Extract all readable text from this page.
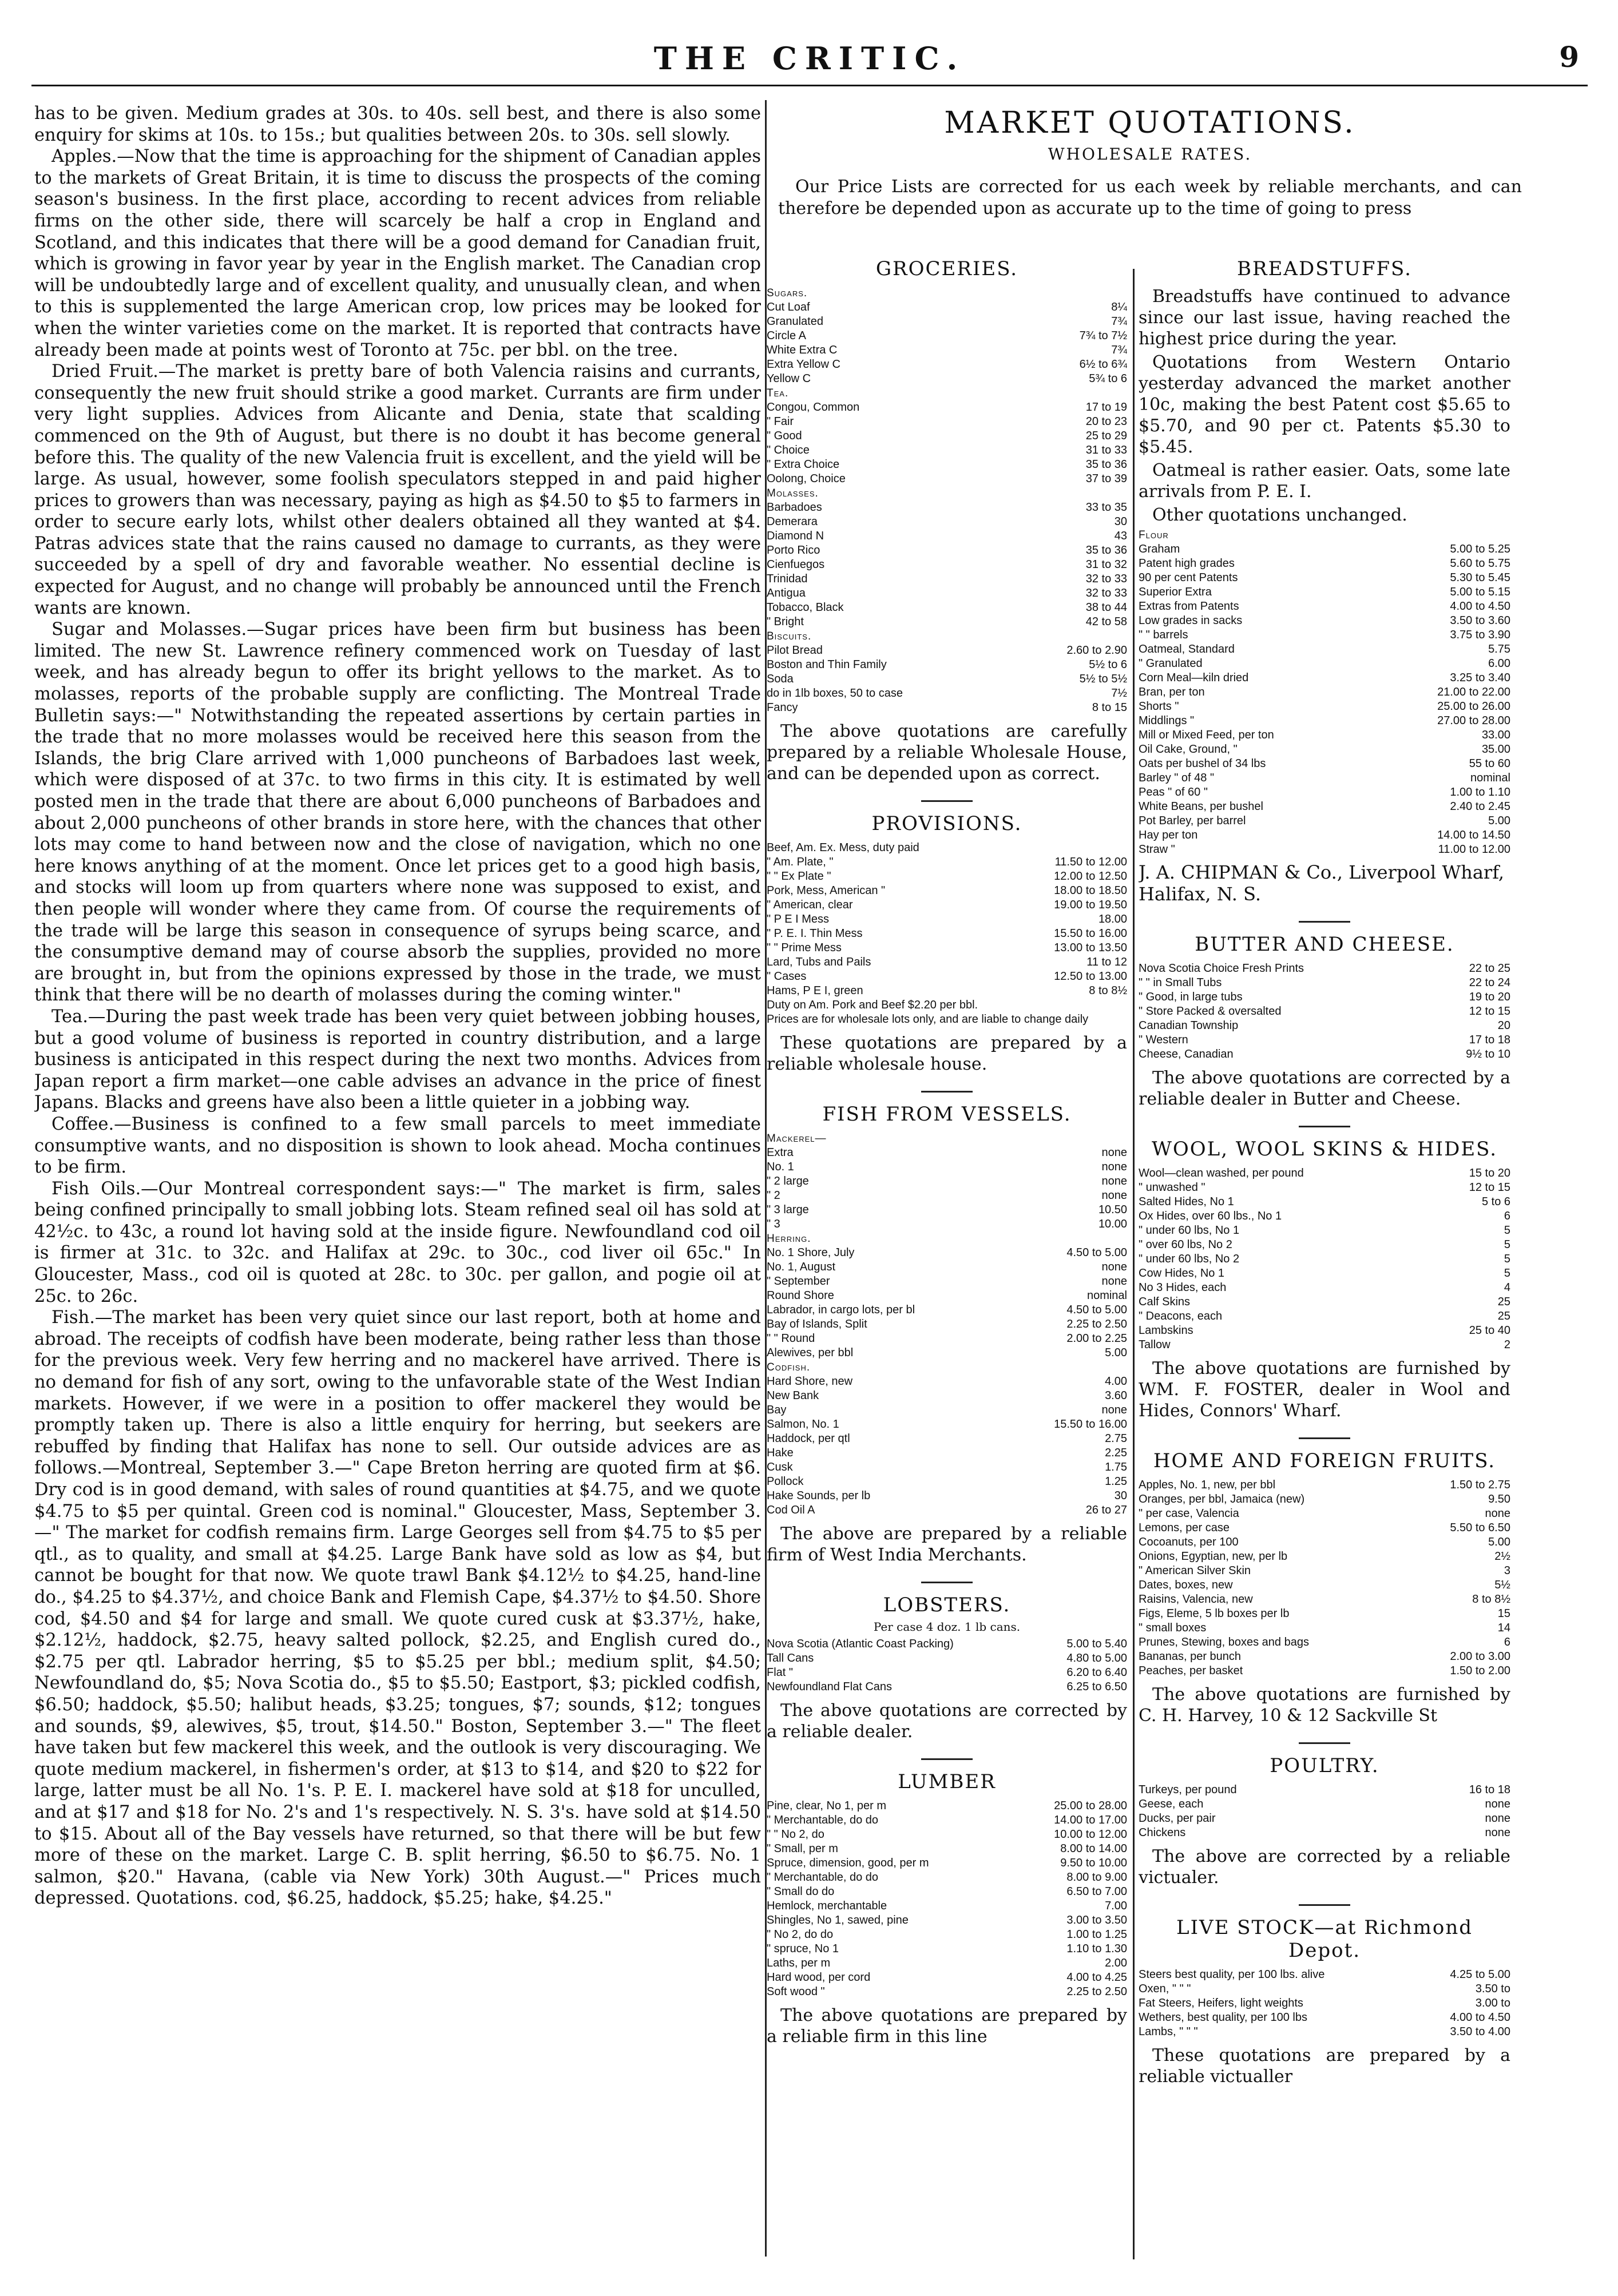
THE CRITIC.	9

has to be given. Medium grades at 30s. to 40s. sell best, and there is also some enquiry for skims at 10s. to 15s.; but qualities between 20s. to 30s. sell slowly.

Apples.—Now that the time is approaching for the shipment of Canadian apples to the markets of Great Britain, it is time to discuss the prospects of the coming season's business. In the first place, according to recent advices from reliable firms on the other side, there will scarcely be half a crop in England and Scotland, and this indicates that there will be a good demand for Canadian fruit, which is growing in favor year by year in the English market. The Canadian crop will be undoubtedly large and of excellent quality, and unusually clean, and when to this is supplemented the large American crop, low prices may be looked for when the winter varieties come on the market. It is reported that contracts have already been made at points west of Toronto at 75c. per bbl. on the tree.

Dried Fruit.—The market is pretty bare of both Valencia raisins and currants, consequently the new fruit should strike a good market. Currants are firm under very light supplies. Advices from Alicante and Denia, state that scalding commenced on the 9th of August, but there is no doubt it has become general before this. The quality of the new Valencia fruit is excellent, and the yield will be large. As usual, however, some foolish speculators stepped in and paid higher prices to growers than was necessary, paying as high as $4.50 to $5 to farmers in order to secure early lots, whilst other dealers obtained all they wanted at $4. Patras advices state that the rains caused no damage to currants, as they were succeeded by a spell of dry and favorable weather. No essential decline is expected for August, and no change will probably be announced until the French wants are known.

Sugar and Molasses.—Sugar prices have been firm but business has been limited. The new St. Lawrence refinery commenced work on Tuesday of last week, and has already begun to offer its bright yellows to the market. As to molasses, reports of the probable supply are conflicting. The Montreal Trade Bulletin says:—" Notwithstanding the repeated assertions by certain parties in the trade that no more molasses would be received here this season from the Islands, the brig Clare arrived with 1,000 puncheons of Barbadoes last week, which were disposed of at 37c. to two firms in this city. It is estimated by well posted men in the trade that there are about 6,000 puncheons of Barbadoes and about 2,000 puncheons of other brands in store here, with the chances that other lots may come to hand between now and the close of navigation, which no one here knows anything of at the moment. Once let prices get to a good high basis, and stocks will loom up from quarters where none was supposed to exist, and then people will wonder where they came from. Of course the requirements of the trade will be large this season in consequence of syrups being scarce, and the consumptive demand may of course absorb the supplies, provided no more are brought in, but from the opinions expressed by those in the trade, we must think that there will be no dearth of molasses during the coming winter."

Tea.—During the past week trade has been very quiet between jobbing houses, but a good volume of business is reported in country distribution, and a large business is anticipated in this respect during the next two months. Advices from Japan report a firm market—one cable advises an advance in the price of finest Japans. Blacks and greens have also been a little quieter in a jobbing way.

Coffee.—Business is confined to a few small parcels to meet immediate consumptive wants, and no disposition is shown to look ahead. Mocha continues to be firm.

Fish Oils.—Our Montreal correspondent says:—" The market is firm, sales being confined principally to small jobbing lots. Steam refined seal oil has sold at 42½c. to 43c, a round lot having sold at the inside figure. Newfoundland cod oil is firmer at 31c. to 32c. and Halifax at 29c. to 30c., cod liver oil 65c." In Gloucester, Mass., cod oil is quoted at 28c. to 30c. per gallon, and pogie oil at 25c. to 26c.

Fish.—The market has been very quiet since our last report, both at home and abroad. The receipts of codfish have been moderate, being rather less than those for the previous week. Very few herring and no mackerel have arrived. There is no demand for fish of any sort, owing to the unfavorable state of the West Indian markets. However, if we were in a position to offer mackerel they would be promptly taken up. There is also a little enquiry for herring, but seekers are rebuffed by finding that Halifax has none to sell. Our outside advices are as follows.—Montreal, September 3.—" Cape Breton herring are quoted firm at $6. Dry cod is in good demand, with sales of round quantities at $4.75, and we quote $4.75 to $5 per quintal. Green cod is nominal." Gloucester, Mass, September 3.—" The market for codfish remains firm. Large Georges sell from $4.75 to $5 per qtl., as to quality, and small at $4.25. Large Bank have sold as low as $4, but cannot be bought for that now. We quote trawl Bank $4.12½ to $4.25, hand-line do., $4.25 to $4.37½, and choice Bank and Flemish Cape, $4.37½ to $4.50. Shore cod, $4.50 and $4 for large and small. We quote cured cusk at $3.37½, hake, $2.12½, haddock, $2.75, heavy salted pollock, $2.25, and English cured do., $2.75 per qtl. Labrador herring, $5 to $5.25 per bbl.; medium split, $4.50; Newfoundland do, $5; Nova Scotia do., $5 to $5.50; Eastport, $3; pickled codfish, $6.50; haddock, $5.50; halibut heads, $3.25; tongues, $7; sounds, $12; tongues and sounds, $9, alewives, $5, trout, $14.50." Boston, September 3.—" The fleet have taken but few mackerel this week, and the outlook is very discouraging. We quote medium mackerel, in fishermen's order, at $13 to $14, and $20 to $22 for large, latter must be all No. 1's. P. E. I. mackerel have sold at $18 for unculled, and at $17 and $18 for No. 2's and 1's respectively. N. S. 3's. have sold at $14.50 to $15. About all of the Bay vessels have returned, so that there will be but few more of these on the market. Large C. B. split herring, $6.50 to $6.75. No. 1 salmon, $20." Havana, (cable via New York) 30th August.—" Prices much depressed. Quotations. cod, $6.25, haddock, $5.25; hake, $4.25."

MARKET QUOTATIONS.
WHOLESALE RATES.
Our Price Lists are corrected for us each week by reliable merchants, and can therefore be depended upon as accurate up to the time of going to press
GROCERIES.
Sugars.
Cut Loaf	8¼
Granulated	7¾
Circle A	7¾ to 7½
White Extra C	7¾
Extra Yellow C	6½ to 6¾
Yellow C	5¾ to 6
Tea.
Congou, Common	17 to 19
" Fair	20 to 23
" Good	25 to 29
" Choice	31 to 33
" Extra Choice	35 to 36
Oolong, Choice	37 to 39
Molasses.
Barbadoes	33 to 35
Demerara	30
Diamond N	43
Porto Rico	35 to 36
Cienfuegos	31 to 32
Trinidad	32 to 33
Antigua	32 to 33
Tobacco, Black	38 to 44
" Bright	42 to 58
Biscuits.
Pilot Bread	2.60 to 2.90
Boston and Thin Family	5½ to 6
Soda	5½ to 5½
do in 1lb boxes, 50 to case	7½
Fancy	8 to 15
The above quotations are carefully prepared by a reliable Wholesale House, and can be depended upon as correct.
PROVISIONS.
Beef, Am. Ex. Mess, duty paid
" Am. Plate, "	11.50 to 12.00
" " Ex Plate "	12.00 to 12.50
Pork, Mess, American "	18.00 to 18.50
" American, clear	19.00 to 19.50
" P E I Mess	18.00
" P. E. I. Thin Mess	15.50 to 16.00
" " Prime Mess	13.00 to 13.50
Lard, Tubs and Pails	11 to 12
" Cases	12.50 to 13.00
Hams, P E I, green	8 to 8½
Duty on Am. Pork and Beef $2.20 per bbl.
Prices are for wholesale lots only, and are liable to change daily
These quotations are prepared by a reliable wholesale house.
FISH FROM VESSELS.
Mackerel—
Extra	none
No. 1	none
" 2 large	none
" 2	none
" 3 large	10.50
" 3	10.00
Herring.
No. 1 Shore, July	4.50 to 5.00
No. 1, August	none
" September	none
Round Shore	nominal
Labrador, in cargo lots, per bl	4.50 to 5.00
Bay of Islands, Split	2.25 to 2.50
" " Round	2.00 to 2.25
Alewives, per bbl	5.00
Codfish.
Hard Shore, new	4.00
New Bank	3.60
Bay	none
Salmon, No. 1	15.50 to 16.00
Haddock, per qtl	2.75
Hake	2.25
Cusk	1.75
Pollock	1.25
Hake Sounds, per lb	30
Cod Oil A	26 to 27
The above are prepared by a reliable firm of West India Merchants.
LOBSTERS.
Per case 4 doz. 1 lb cans.
Nova Scotia (Atlantic Coast Packing)	5.00 to 5.40
Tall Cans	4.80 to 5.00
Flat "	6.20 to 6.40
Newfoundland Flat Cans	6.25 to 6.50
The above quotations are corrected by a reliable dealer.
LUMBER
Pine, clear, No 1, per m	25.00 to 28.00
" Merchantable, do do	14.00 to 17.00
" " No 2, do	10.00 to 12.00
" Small, per m	8.00 to 14.00
Spruce, dimension, good, per m	9.50 to 10.00
" Merchantable, do do	8.00 to 9.00
" Small do do	6.50 to 7.00
Hemlock, merchantable	7.00
Shingles, No 1, sawed, pine	3.00 to 3.50
" No 2, do do	1.00 to 1.25
" spruce, No 1	1.10 to 1.30
Laths, per m	2.00
Hard wood, per cord	4.00 to 4.25
Soft wood "	2.25 to 2.50
The above quotations are prepared by a reliable firm in this line
BREADSTUFFS.
Breadstuffs have continued to advance since our last issue, having reached the highest price during the year.
Quotations from Western Ontario yesterday advanced the market another 10c, making the best Patent cost $5.65 to $5.70, and 90 per ct. Patents $5.30 to $5.45.
Oatmeal is rather easier. Oats, some late arrivals from P. E. I.
Other quotations unchanged.
Flour
Graham	5.00 to 5.25
Patent high grades	5.60 to 5.75
90 per cent Patents	5.30 to 5.45
Superior Extra	5.00 to 5.15
Extras from Patents	4.00 to 4.50
Low grades in sacks	3.50 to 3.60
" " barrels	3.75 to 3.90
Oatmeal, Standard	5.75
" Granulated	6.00
Corn Meal—kiln dried	3.25 to 3.40
Bran, per ton	21.00 to 22.00
Shorts "	25.00 to 26.00
Middlings "	27.00 to 28.00
Mill or Mixed Feed, per ton	33.00
Oil Cake, Ground, "	35.00
Oats per bushel of 34 lbs	55 to 60
Barley " of 48 "	nominal
Peas " of 60 "	1.00 to 1.10
White Beans, per bushel	2.40 to 2.45
Pot Barley, per barrel	5.00
Hay per ton	14.00 to 14.50
Straw "	11.00 to 12.00
J. A. CHIPMAN & Co., Liverpool Wharf, Halifax, N. S.
BUTTER AND CHEESE.
Nova Scotia Choice Fresh Prints	22 to 25
" " in Small Tubs	22 to 24
" Good, in large tubs	19 to 20
" Store Packed & oversalted	12 to 15
Canadian Township	20
" Western	17 to 18
Cheese, Canadian	9½ to 10
The above quotations are corrected by a reliable dealer in Butter and Cheese.
WOOL, WOOL SKINS & HIDES.
Wool—clean washed, per pound	15 to 20
" unwashed "	12 to 15
Salted Hides, No 1	5 to 6
Ox Hides, over 60 lbs., No 1	6
" under 60 lbs, No 1	5
" over 60 lbs, No 2	5
" under 60 lbs, No 2	5
Cow Hides, No 1	5
No 3 Hides, each	4
Calf Skins	25
" Deacons, each	25
Lambskins	25 to 40
Tallow	2
The above quotations are furnished by WM. F. FOSTER, dealer in Wool and Hides, Connors' Wharf.
HOME AND FOREIGN FRUITS.
Apples, No. 1, new, per bbl	1.50 to 2.75
Oranges, per bbl, Jamaica (new)	9.50
" per case, Valencia	none
Lemons, per case	5.50 to 6.50
Cocoanuts, per 100	5.00
Onions, Egyptian, new, per lb	2½
" American Silver Skin	3
Dates, boxes, new	5½
Raisins, Valencia, new	8 to 8½
Figs, Eleme, 5 lb boxes per lb	15
" small boxes	14
Prunes, Stewing, boxes and bags	6
Bananas, per bunch	2.00 to 3.00
Peaches, per basket	1.50 to 2.00
The above quotations are furnished by C. H. Harvey, 10 & 12 Sackville St
POULTRY.
Turkeys, per pound	16 to 18
Geese, each	none
Ducks, per pair	none
Chickens	none
The above are corrected by a reliable victualer.
LIVE STOCK—at Richmond Depot.
Steers best quality, per 100 lbs. alive	4.25 to 5.00
Oxen, " " "	3.50 to
Fat Steers, Heifers, light weights	3.00 to
Wethers, best quality, per 100 lbs	4.00 to 4.50
Lambs, " " "	3.50 to 4.00
These quotations are prepared by a reliable victualler
